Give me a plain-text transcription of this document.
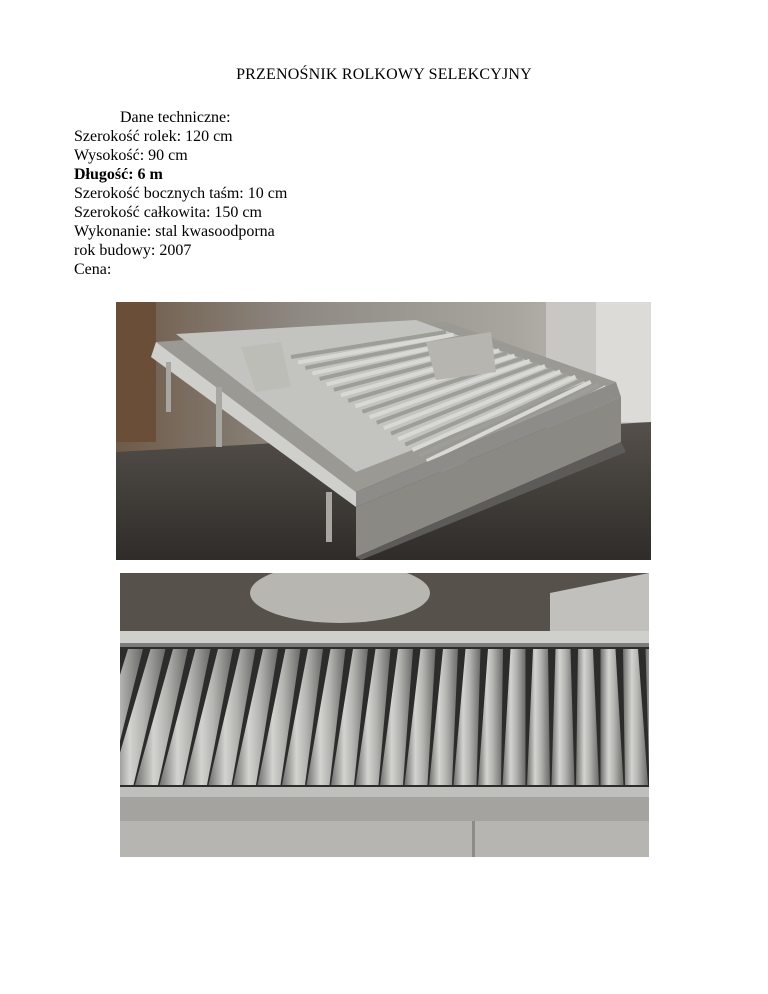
PRZENOŚNIK ROLKOWY SELEKCYJNY
Dane techniczne:
Szerokość rolek: 120 cm
Wysokość: 90 cm
Długość: 6 m
Szerokość bocznych taśm: 10 cm
Szerokość całkowita: 150 cm
Wykonanie: stal kwasoodporna
rok budowy: 2007
Cena:
